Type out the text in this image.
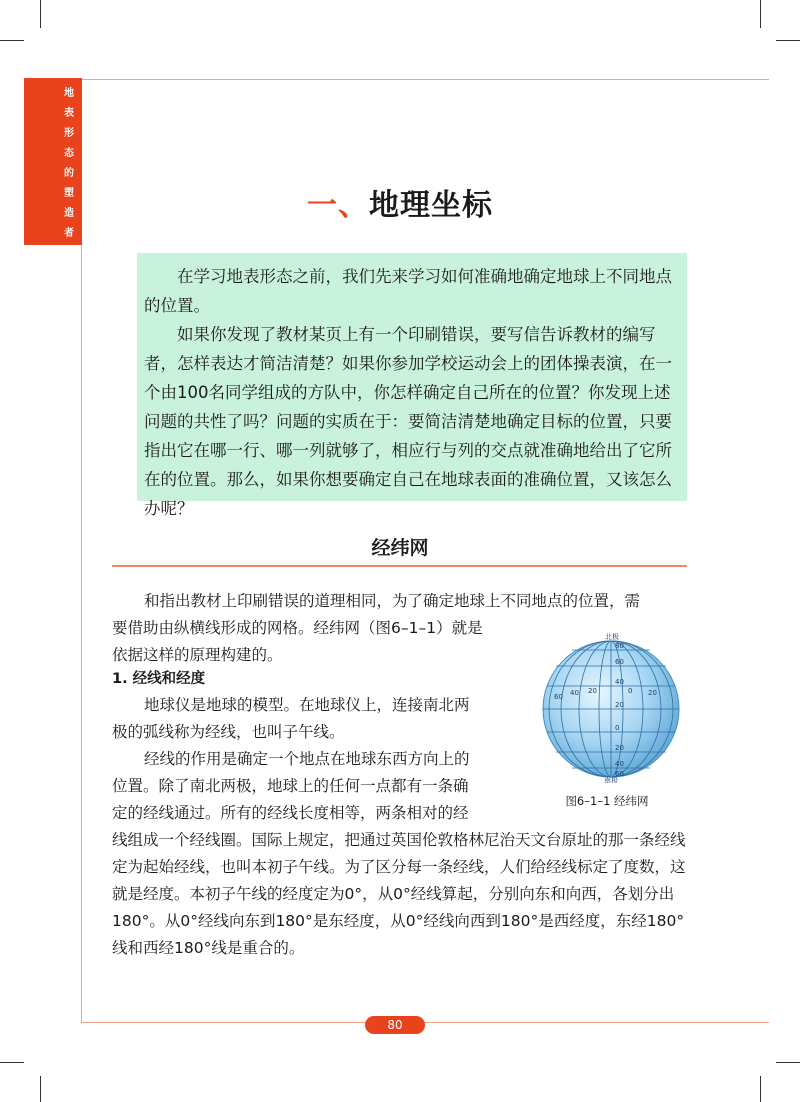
地
表
形
态
的
塑
造
者
一、地理坐标

在学习地表形态之前，我们先来学习如何准确地确定地球上不同地点的位置。

如果你发现了教材某页上有一个印刷错误，要写信告诉教材的编写者，怎样表达才简洁清楚？如果你参加学校运动会上的团体操表演，在一个由100名同学组成的方队中，你怎样确定自己所在的位置？你发现上述问题的共性了吗？问题的实质在于：要简洁清楚地确定目标的位置，只要指出它在哪一行、哪一列就够了，相应行与列的交点就准确地给出了它所在的位置。那么，如果你想要确定自己在地球表面的准确位置，又该怎么办呢？

经纬网
和指出教材上印刷错误的道理相同，为了确定地球上不同地点的位置，需
要借助由纵横线形成的网格。经纬网（图6–1–1）就是
依据这样的原理构建的。
1. 经线和经度
地球仪是地球的模型。在地球仪上，连接南北两
极的弧线称为经线，也叫子午线。
经线的作用是确定一个地点在地球东西方向上的
位置。除了南北两极，地球上的任何一点都有一条确
定的经线通过。所有的经线长度相等，两条相对的经
线组成一个经线圈。国际上规定，把通过英国伦敦格林尼治天文台原址的那一条经线定为起始经线，也叫本初子午线。为了区分每一条经线，人们给经线标定了度数，这就是经度。本初子午线的经度定为0°，从0°经线算起，分别向东和向西，各划分出180°。从0°经线向东到180°是东经度，从0°经线向西到180°是西经度，东经180°线和西经180°线是重合的。
北极
南极
80
60
40
20
0
20
40
60
60 40 20	0 20
图6–1–1 经纬网
80
